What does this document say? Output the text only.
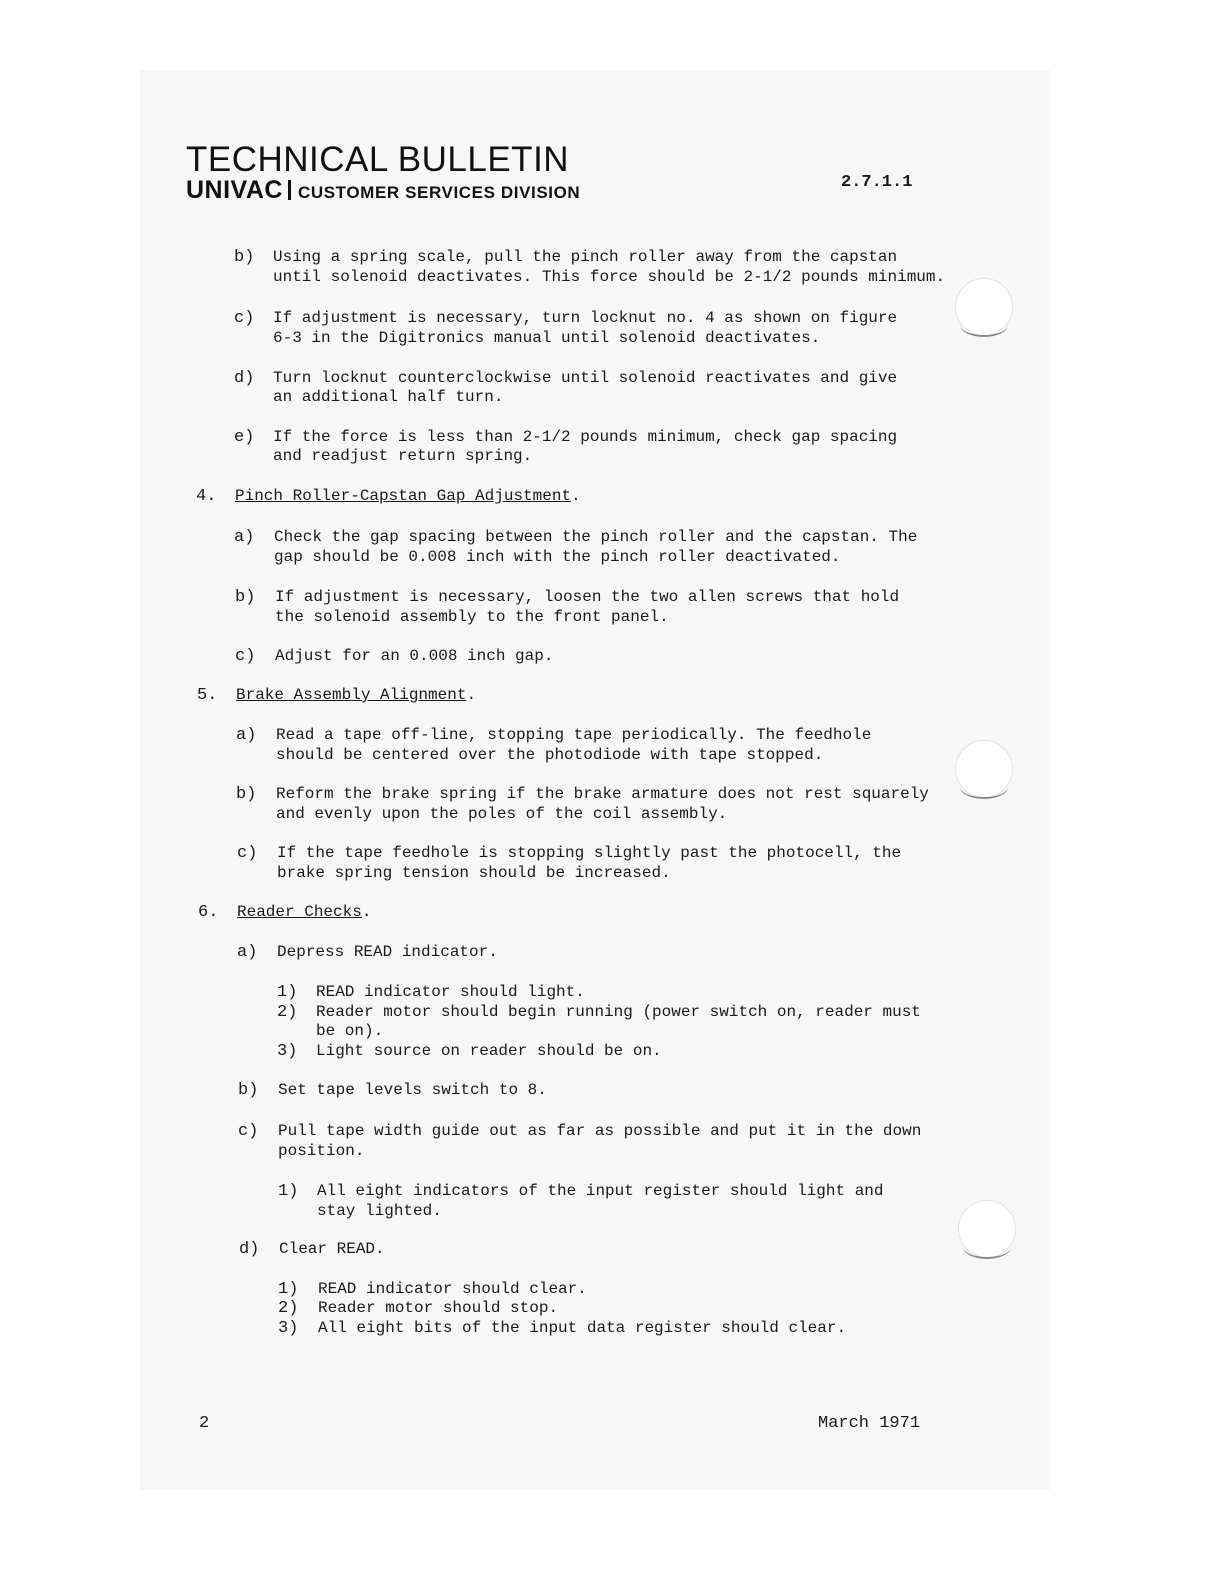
TECHNICAL BULLETIN
UNIVAC CUSTOMER SERVICES DIVISION
2.7.1.1
b) Using a spring scale, pull the pinch roller away from the capstan
until solenoid deactivates. This force should be 2-1/2 pounds minimum.
c) If adjustment is necessary, turn locknut no. 4 as shown on figure
6-3 in the Digitronics manual until solenoid deactivates.
d) Turn locknut counterclockwise until solenoid reactivates and give
an additional half turn.
e) If the force is less than 2-1/2 pounds minimum, check gap spacing
and readjust return spring.
4. Pinch Roller-Capstan Gap Adjustment.
a) Check the gap spacing between the pinch roller and the capstan. The
gap should be 0.008 inch with the pinch roller deactivated.
b) If adjustment is necessary, loosen the two allen screws that hold
the solenoid assembly to the front panel.
c) Adjust for an 0.008 inch gap.
5. Brake Assembly Alignment.
a) Read a tape off-line, stopping tape periodically. The feedhole
should be centered over the photodiode with tape stopped.
b) Reform the brake spring if the brake armature does not rest squarely
and evenly upon the poles of the coil assembly.
c) If the tape feedhole is stopping slightly past the photocell, the
brake spring tension should be increased.
6. Reader Checks.
a) Depress READ indicator.
1) READ indicator should light.
2) Reader motor should begin running (power switch on, reader must
be on).
3) Light source on reader should be on.
b) Set tape levels switch to 8.
c) Pull tape width guide out as far as possible and put it in the down
position.
1) All eight indicators of the input register should light and
stay lighted.
d) Clear READ.
1) READ indicator should clear.
2) Reader motor should stop.
3) All eight bits of the input data register should clear.
2	March 1971
